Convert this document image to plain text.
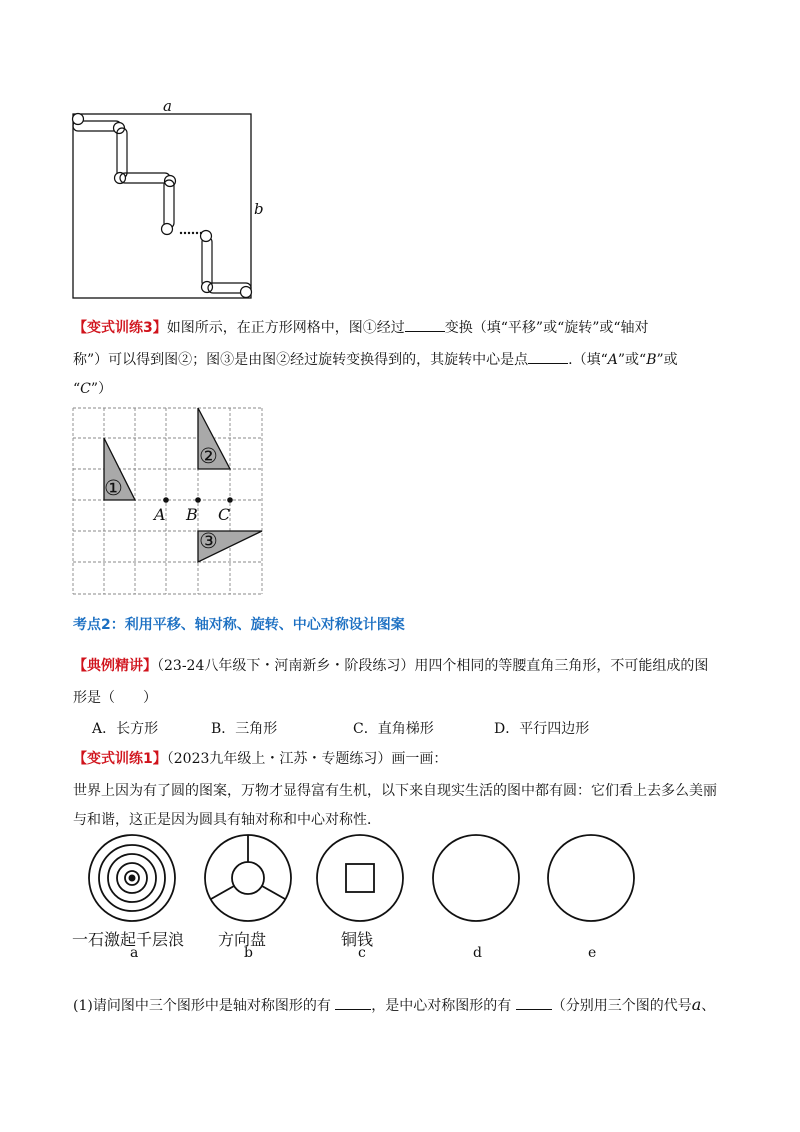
a
b
【变式训练3】如图所示，在正方形网格中，图①经过	变换（填“平移”或“旋转”或“轴对
称”）可以得到图②；图③是由图②经过旋转变换得到的，其旋转中心是点	.（填“A”或“B”或
“C”）
①
②
③
A B C
考点2：利用平移、轴对称、旋转、中心对称设计图案
【典例精讲】（23-24八年级下・河南新乡・阶段练习）用四个相同的等腰直角三角形，不可能组成的图
形是（　　）
A．长方形	B．三角形	C．直角梯形	D．平行四边形
【变式训练1】（2023九年级上・江苏・专题练习）画一画：
世界上因为有了圆的图案，万物才显得富有生机，以下来自现实生活的图中都有圆：它们看上去多么美丽
与和谐，这正是因为圆具有轴对称和中心对称性．
一石激起千层浪 方向盘	铜钱
a	b	c	d	e
(1)请问图中三个图形中是轴对称图形的有	，是中心对称图形的有	（分别用三个图的代号a、
